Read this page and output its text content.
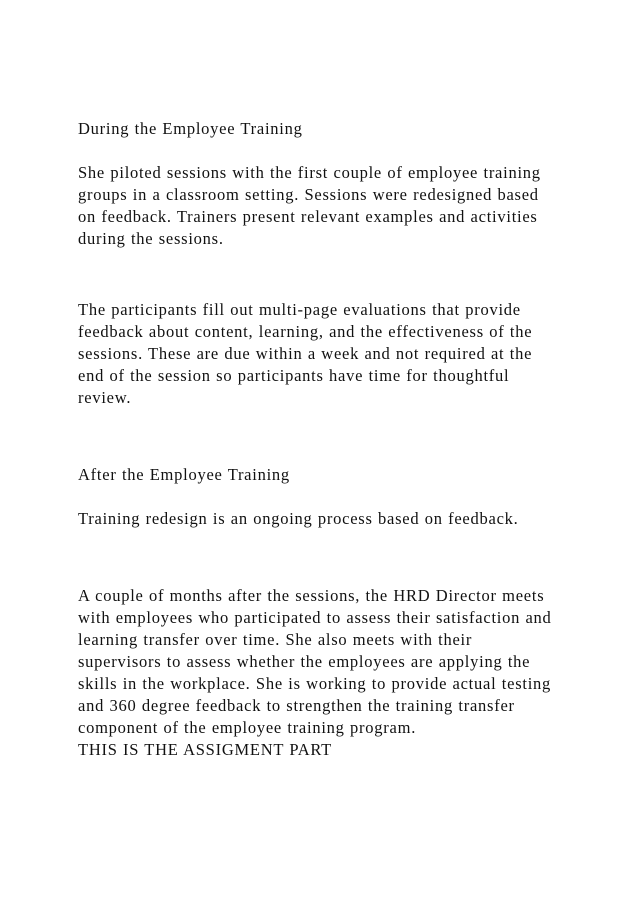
During the Employee Training
She piloted sessions with the first couple of employee training
groups in a classroom setting. Sessions were redesigned based
on feedback. Trainers present relevant examples and activities
during the sessions.
The participants fill out multi-page evaluations that provide
feedback about content, learning, and the effectiveness of the
sessions. These are due within a week and not required at the
end of the session so participants have time for thoughtful
review.
After the Employee Training
Training redesign is an ongoing process based on feedback.
A couple of months after the sessions, the HRD Director meets
with employees who participated to assess their satisfaction and
learning transfer over time. She also meets with their
supervisors to assess whether the employees are applying the
skills in the workplace. She is working to provide actual testing
and 360 degree feedback to strengthen the training transfer
component of the employee training program.
THIS IS THE ASSIGMENT PART
